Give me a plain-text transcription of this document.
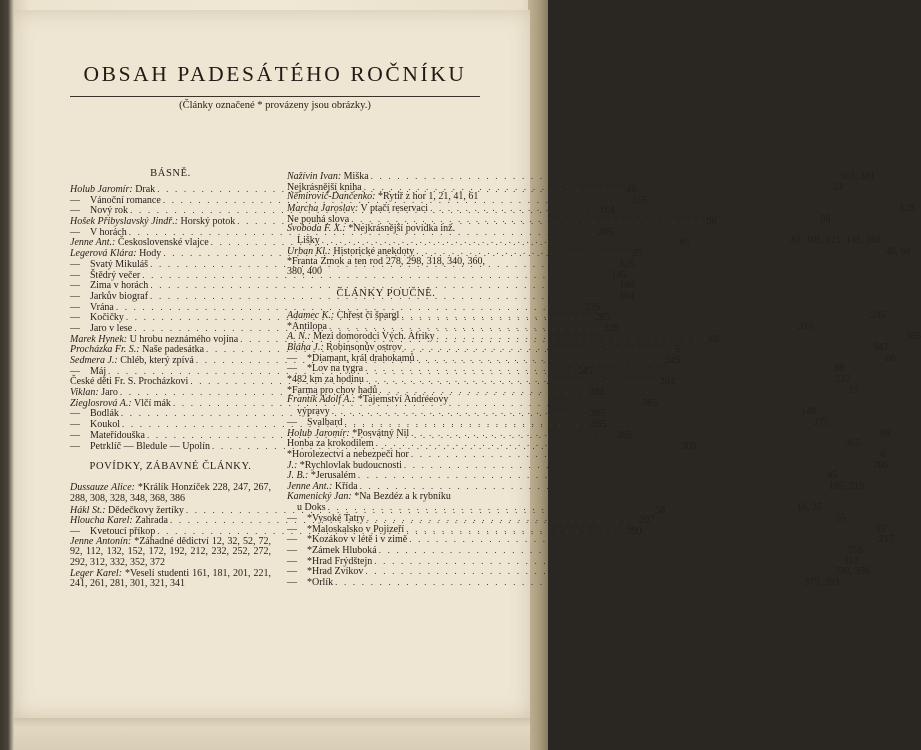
OBSAH PADESÁTÉHO ROČNÍKU
(Články označené * provázeny jsou obrázky.)
BÁSNĚ.
Holub Jaromír: Drak . . .	46
—  Vánoční romance . . .	155
—  Nový rok . . .	164
Hošek Přibyslavský Jindř.: Horský potok . . .	96
—  V horách . . .	305
Jenne Ant.: Československé vlajce . . .	65
Legerová Klára: Hody . . .	25
—  Svatý Mikuláš . . .	125
—  Štědrý večer . . .	145
—  Zima v horách . . .	169
—  Jarkův biograf . . .	184
—  Vrána . . .	225
—  Kočičky . . .	265
—  Jaro v lese . . .	326
Marek Hynek: U hrobu neznámého vojína . . .	86
Procházka Fr. S.: Naše padesátka . . .	5
Sedmera J.: Chléb, který zpívá . . .	245
—  Máj . . .	345
České děti Fr. S. Procházkovi . . .	204
Viklan: Jaro . . .	384
Zieglosrová A.: Vlčí mák . . .	365
—  Bodlák . . .	365
—  Koukol . . .	365
—  Mateřídouška . . .	365
—  Petrklíč — Bledule — Upolín . . .	386
POVÍDKY, ZÁBAVNÉ ČLÁNKY.
Dussauze Alice: *Králík Honzíček 228, 247, 267, 288, 308, 328, 348, 368, 386
Hákl St.: Dědečkovy žertíky . . .	58
Hloucha Karel: Zahrada . . .	207
—  Kvetoucí příkop . . .	390
Jenne Antonín: *Záhadné dědictví 12, 32, 52, 72, 92, 112, 132, 152, 172, 192, 212, 232, 252, 272, 292, 312, 332, 352, 372
Leger Karel: *Veselí studenti 161, 181, 201, 221, 241, 261, 281, 301, 321, 341
Nažívin Ivan: Miška . . .	361, 381
Nejkrásnější kniha . . .	24
Němirovič-Dančenko: *Rytíř z hor 1, 21, 41, 61
Marcha Jaroslav: V ptačí reservaci . . .	128
Ne pouhá slova . . .	98
Svoboda F. X.: *Nejkrásnější povídka inž.
Lišky . . .	81, 101, 121, 141, 168
Urban Kl.: Historické anekdoty . . .	48, 64
*Franta Zmok a ten rod 278, 298, 318, 340, 360, 380, 400
ČLÁNKY POUČNÉ.
Adamec K.: Chřest či špargl . . .	245
*Antilopa . . .	315
A. N.: Mezi domorodci Vých. Afriky . . .	385
Bláha J.: Robinsonův ostrov . . .	347
—  *Diamant, král drahokamů . . .	66
—  *Lov na tygra . . .	88
*482 km za hodinu . . .	227
*Farma pro chov hadů . . .	15
Frantík Adolf A.: *Tajemství Andréeovy
výpravy . . .	148
—  Svalbard . . .	175
Holub Jaromír: *Posvátný Nil . . .	69
Honba za krokodilem . . .	365
*Horolezectví a nebezpečí hor . . .	6
J.: *Rychlovlak budoucnosti . . .	206
J. B.: *Jerusalém . . .	45
Jenne Ant.: Křída . . .	185, 215
Kamenický Jan: *Na Bezdéz a k rybníku
u Doks . . .	16, 35
—  *Vysoké Tatry . . .	55
—  *Maloskalsko v Pojizeří . . .	95
—  *Kozákov v létě i v zimě . . .	217
—  *Zámek Hluboká . . .	256
—  *Hrad Frýdštejn . . .	317
—  *Hrad Zvíkov . . .	338, 356
—  *Orlík . . .	373, 393
